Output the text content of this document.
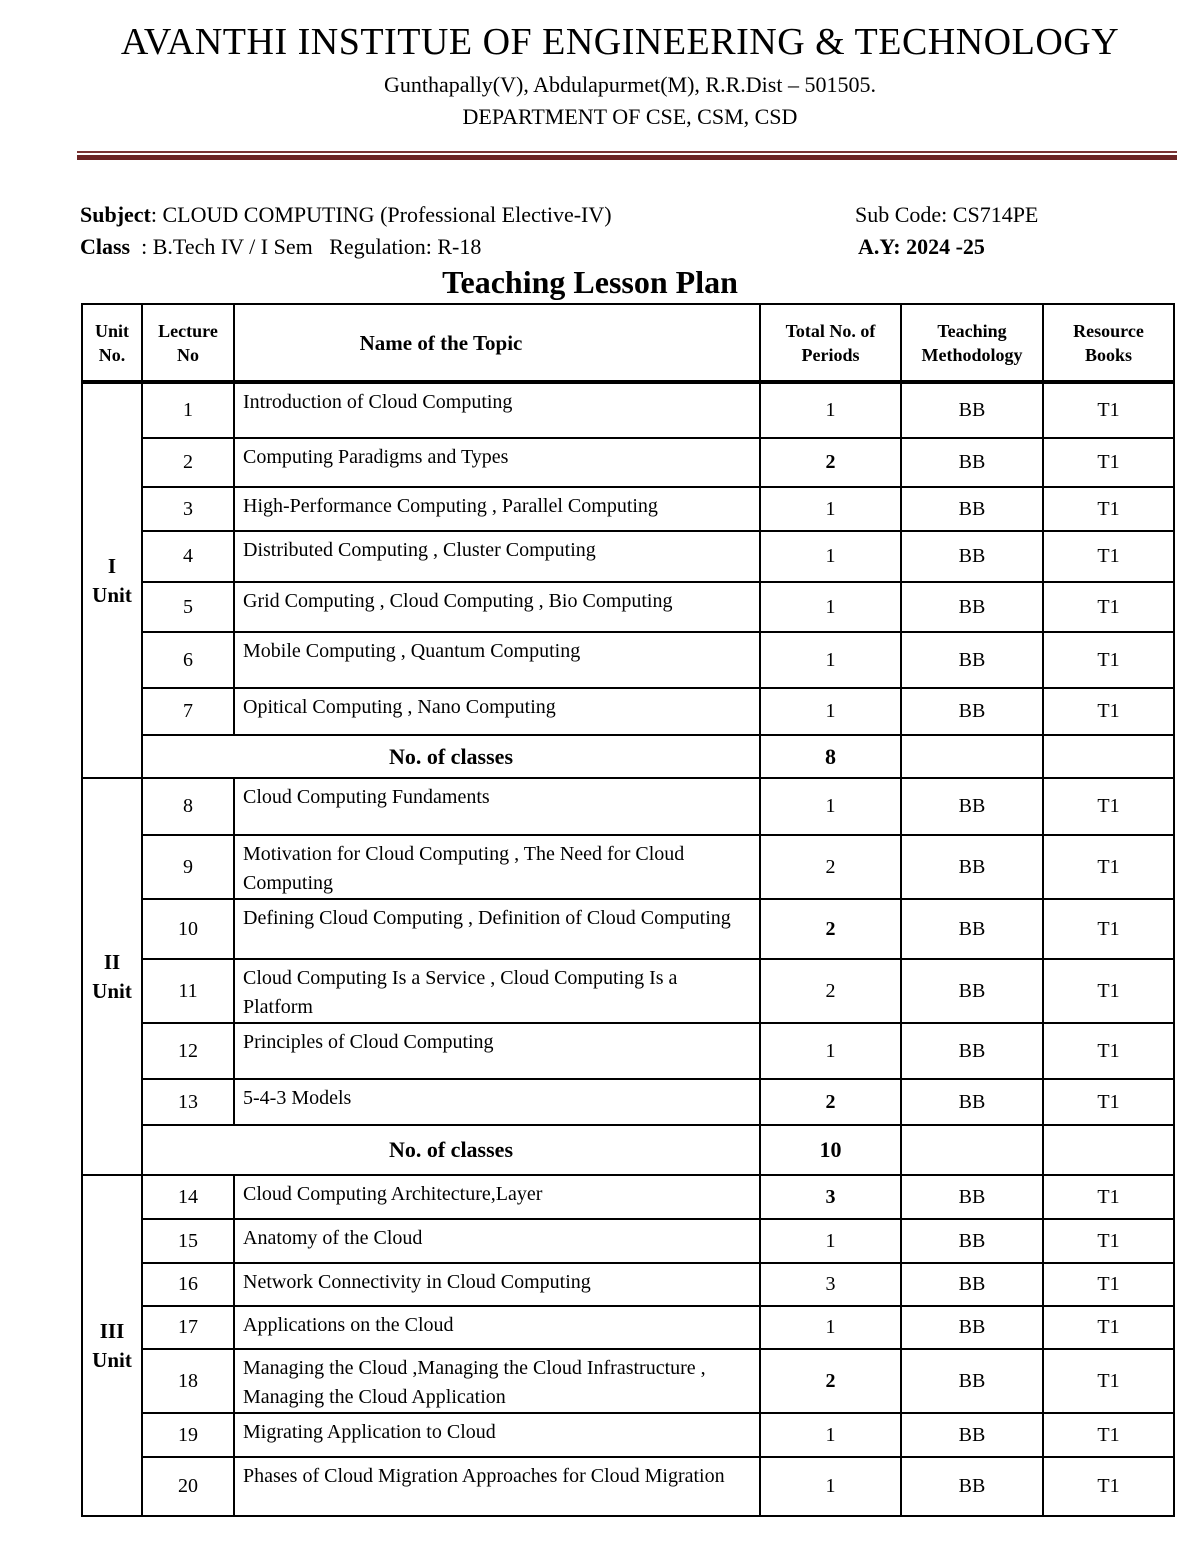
AVANTHI INSTITUE OF ENGINEERING & TECHNOLOGY
Gunthapally(V), Abdulapurmet(M), R.R.Dist – 501505.
DEPARTMENT OF CSE, CSM, CSD
Subject: CLOUD COMPUTING (Professional Elective-IV)	Sub Code: CS714PE
Class  : B.Tech IV / I Sem   Regulation: R-18	A.Y: 2024 -25
Teaching Lesson Plan
Unit No.	Lecture No	Name of the Topic	Total No. of Periods	Teaching Methodology	Resource Books
I Unit	1	Introduction of Cloud Computing	1	BB	T1
	2	Computing Paradigms and Types	2	BB	T1
	3	High-Performance Computing , Parallel Computing	1	BB	T1
	4	Distributed Computing , Cluster Computing	1	BB	T1
	5	Grid Computing , Cloud Computing , Bio Computing	1	BB	T1
	6	Mobile Computing , Quantum Computing	1	BB	T1
	7	Opitical Computing , Nano Computing	1	BB	T1
	No. of classes		8		
II Unit	8	Cloud Computing Fundaments	1	BB	T1
	9	Motivation for Cloud Computing , The Need for Cloud Computing	2	BB	T1
	10	Defining Cloud Computing , Definition of Cloud Computing	2	BB	T1
	11	Cloud Computing Is a Service , Cloud Computing Is a Platform	2	BB	T1
	12	Principles of Cloud Computing	1	BB	T1
	13	5-4-3 Models	2	BB	T1
	No. of classes		10		
III Unit	14	Cloud Computing Architecture,Layer	3	BB	T1
	15	Anatomy of the Cloud	1	BB	T1
	16	Network Connectivity in Cloud Computing	3	BB	T1
	17	Applications on the Cloud	1	BB	T1
	18	Managing the Cloud ,Managing the Cloud Infrastructure , Managing the Cloud Application	2	BB	T1
	19	Migrating Application to Cloud	1	BB	T1
	20	Phases of Cloud Migration Approaches for Cloud Migration	1	BB	T1
